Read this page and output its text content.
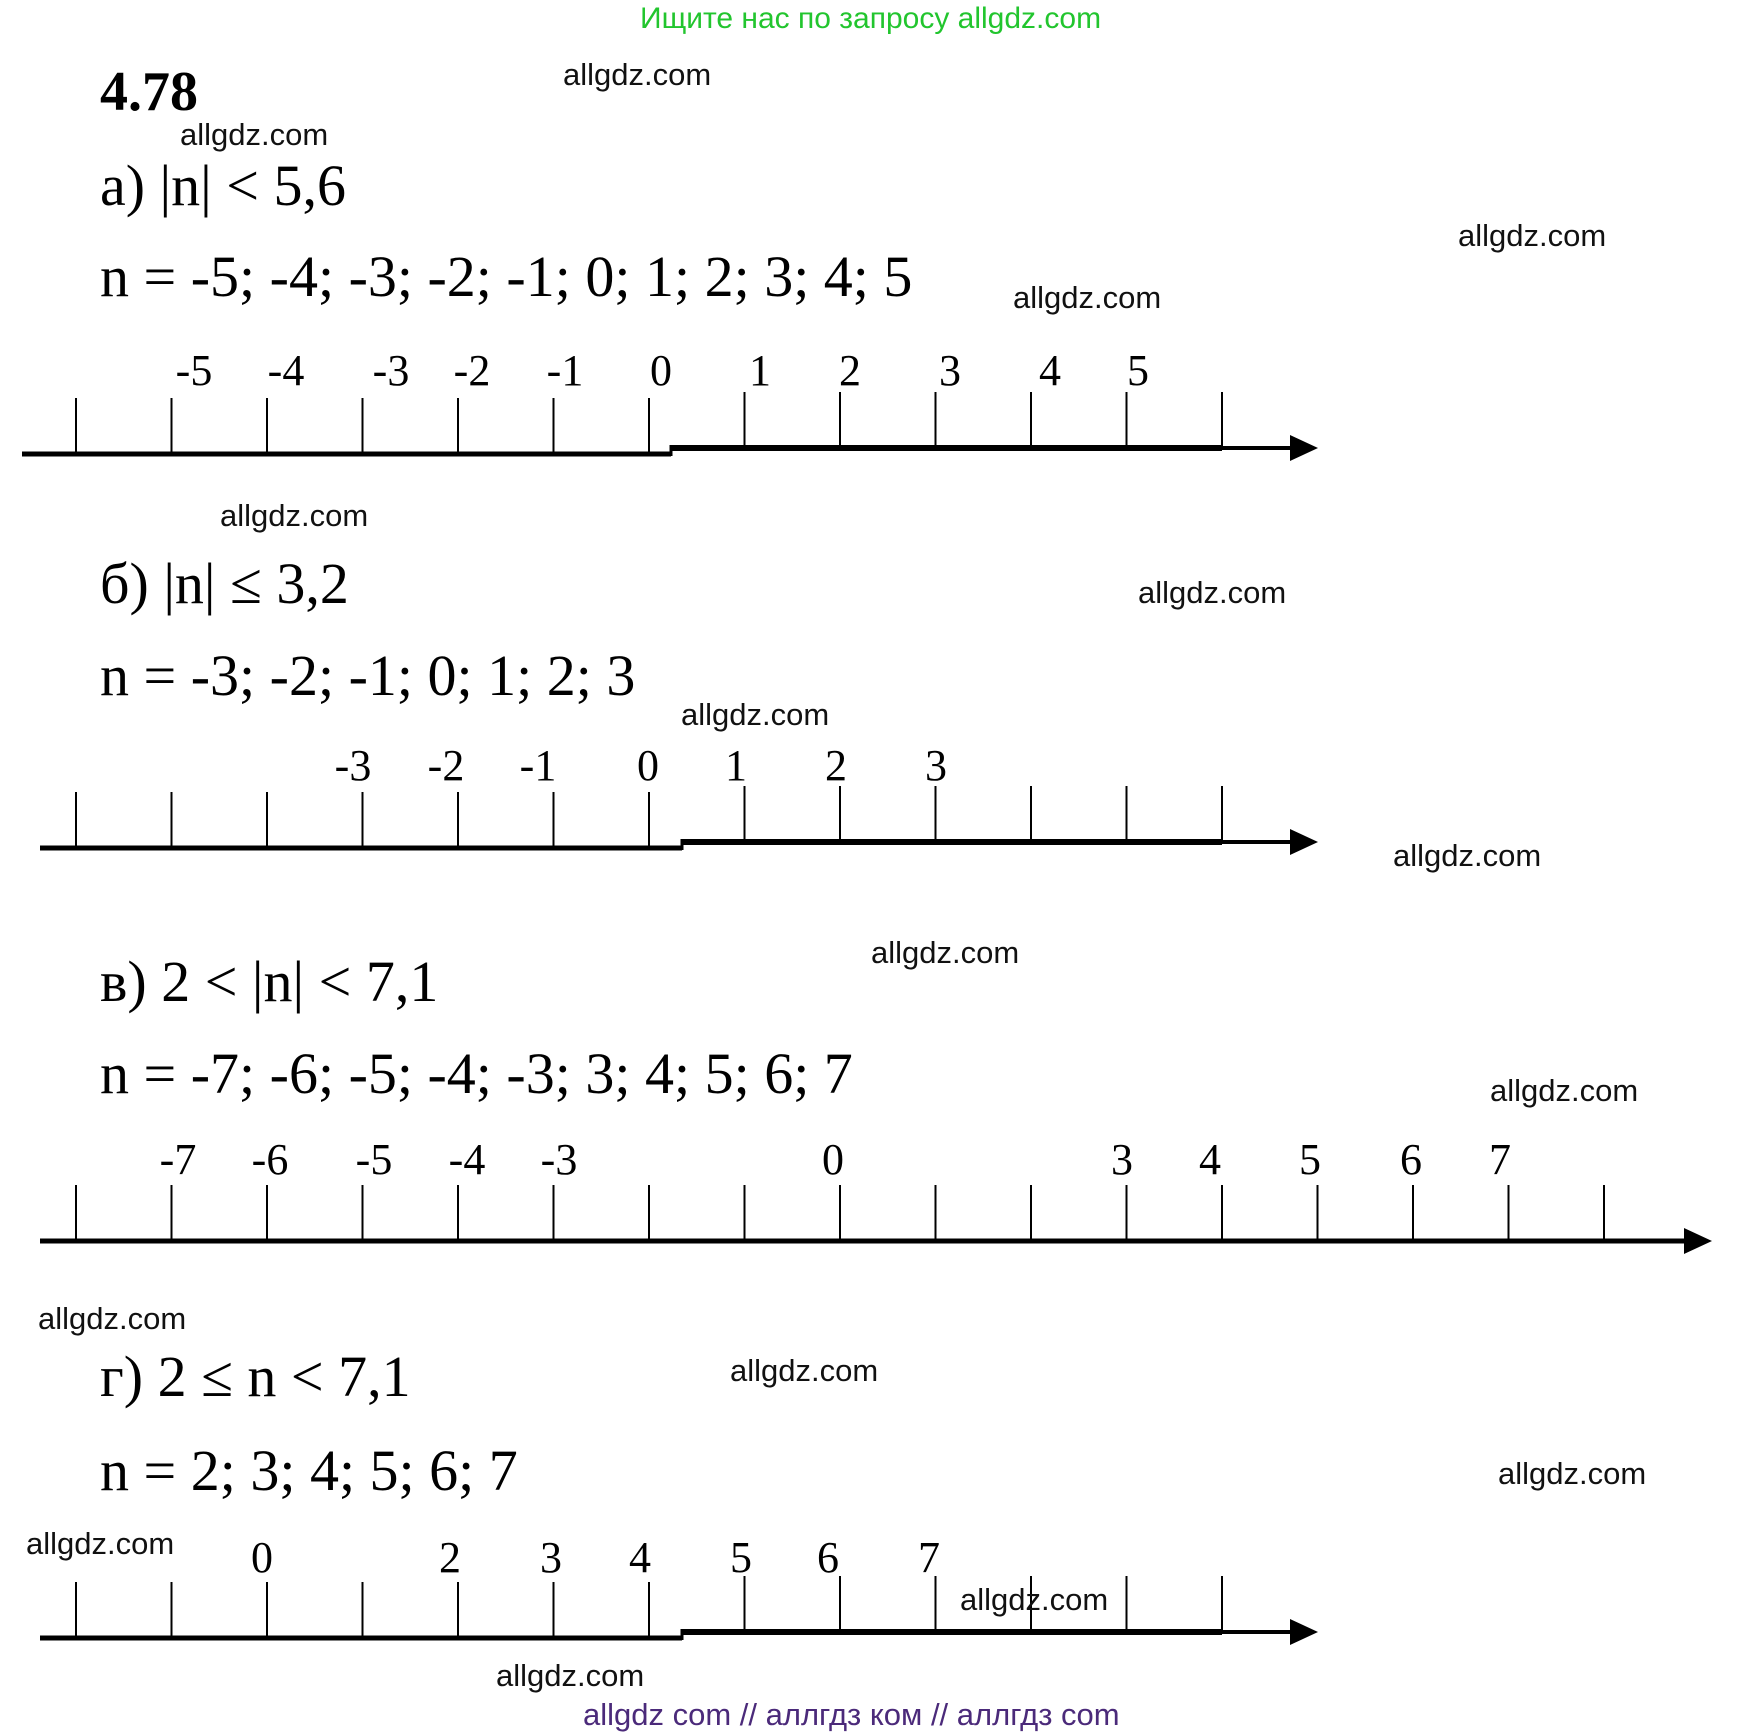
Ищите нас по запросу allgdz.com
4.78
а) |n| < 5,6
n = -5; -4; -3; -2; -1; 0; 1; 2; 3; 4; 5
б) |n| ≤ 3,2
n = -3; -2; -1; 0; 1; 2; 3
в) 2 < |n| < 7,1
n = -7; -6; -5; -4; -3; 3; 4; 5; 6; 7
г) 2 ≤ n < 7,1
n = 2; 3; 4; 5; 6; 7
-5 -4 -3 -2 -1 0 1 2 3 4 5
-3 -2 -1 0 1 2 3
-7 -6 -5 -4 -3	0	3 4 5 6 7
0	2 3 4 5 6 7
allgdz.com
allgdz.com
allgdz.com
allgdz.com
allgdz.com
allgdz.com
allgdz.com
allgdz.com
allgdz.com
allgdz.com
allgdz.com
allgdz.com
allgdz.com
allgdz.com
allgdz.com
allgdz.com
allgdz com // аллгдз ком // аллгдз com
